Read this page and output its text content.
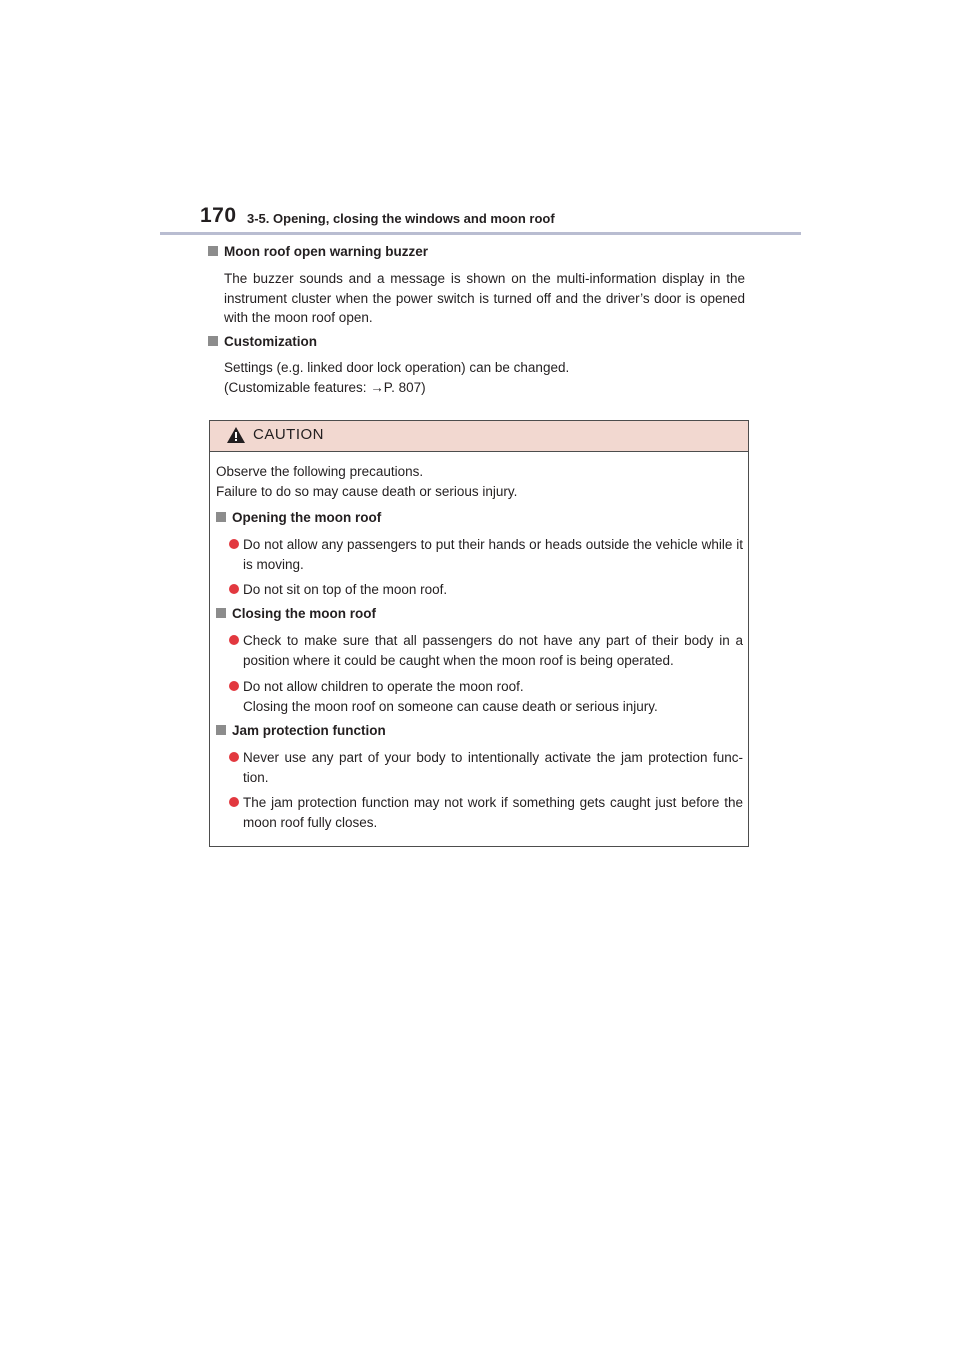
170 3-5. Opening, closing the windows and moon roof
Moon roof open warning buzzer
The buzzer sounds and a message is shown on the multi-information display in the instrument cluster when the power switch is turned off and the driver’s door is opened with the moon roof open.
Customization
Settings (e.g. linked door lock operation) can be changed.
(Customizable features: →P. 807)
CAUTION
Observe the following precautions.
Failure to do so may cause death or serious injury.
Opening the moon roof
Do not allow any passengers to put their hands or heads outside the vehicle while it is moving.
Do not sit on top of the moon roof.
Closing the moon roof
Check to make sure that all passengers do not have any part of their body in a position where it could be caught when the moon roof is being operated.
Do not allow children to operate the moon roof.
Closing the moon roof on someone can cause death or serious injury.
Jam protection function
Never use any part of your body to intentionally activate the jam protection func- tion.
The jam protection function may not work if something gets caught just before the moon roof fully closes.
